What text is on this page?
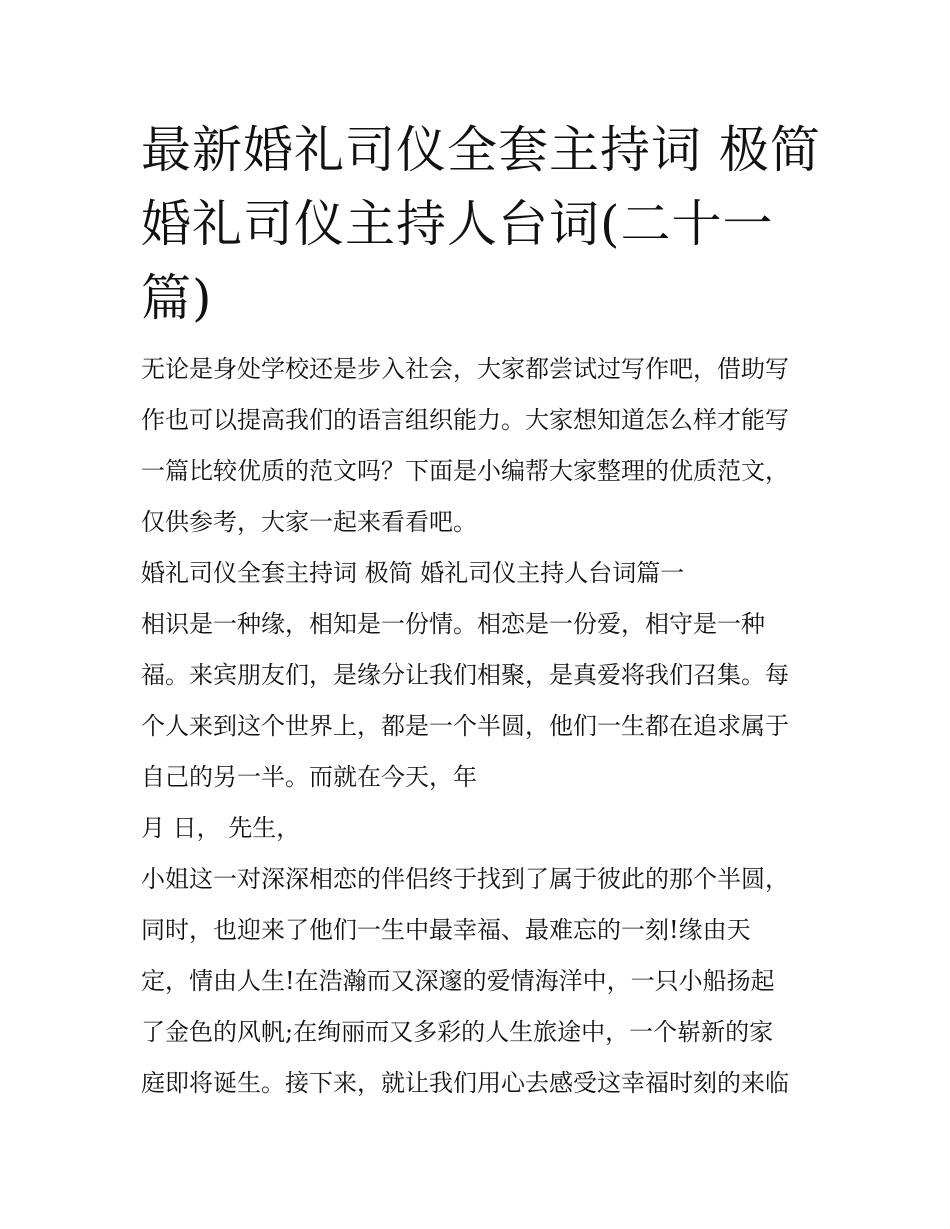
最新婚礼司仪全套主持词 极简
婚礼司仪主持人台词(二十一
篇)
无论是身处学校还是步入社会，大家都尝试过写作吧，借助写
作也可以提高我们的语言组织能力。大家想知道怎么样才能写
一篇比较优质的范文吗？下面是小编帮大家整理的优质范文，
仅供参考，大家一起来看看吧。
婚礼司仪全套主持词 极简 婚礼司仪主持人台词篇一
相识是一种缘，相知是一份情。相恋是一份爱，相守是一种
福。来宾朋友们，是缘分让我们相聚，是真爱将我们召集。每
个人来到这个世界上，都是一个半圆，他们一生都在追求属于
自己的另一半。而就在今天，年
月 日， 先生，
小姐这一对深深相恋的伴侣终于找到了属于彼此的那个半圆，
同时，也迎来了他们一生中最幸福、最难忘的一刻!缘由天
定，情由人生!在浩瀚而又深邃的爱情海洋中，一只小船扬起
了金色的风帆;在绚丽而又多彩的人生旅途中，一个崭新的家
庭即将诞生。接下来，就让我们用心去感受这幸福时刻的来临
